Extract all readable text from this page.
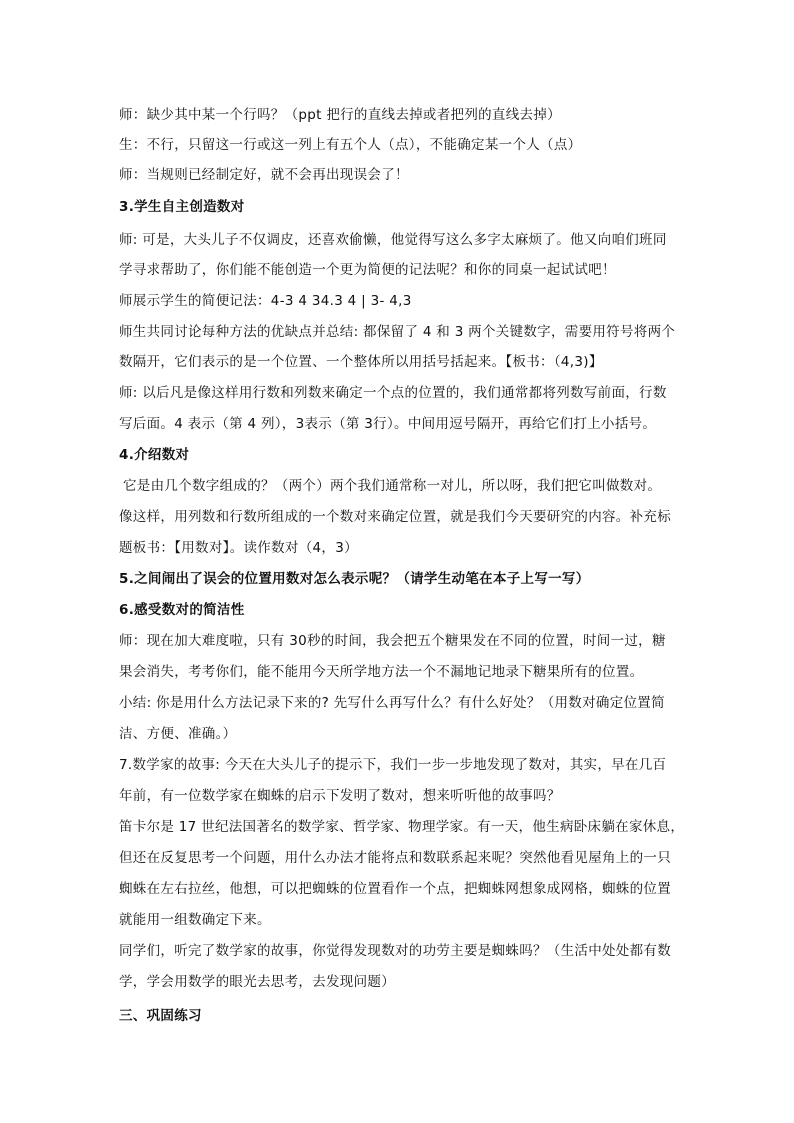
师：缺少其中某一个行吗？（ppt 把行的直线去掉或者把列的直线去掉）
生：不行，只留这一行或这一列上有五个人（点），不能确定某一个人（点）
师：当规则已经制定好，就不会再出现误会了！
3.学生自主创造数对
师: 可是，大头儿子不仅调皮，还喜欢偷懒，他觉得写这么多字太麻烦了。他又向咱们班同
学寻求帮助了，你们能不能创造一个更为简便的记法呢？和你的同桌一起试试吧！
师展示学生的简便记法：4-3 4 34.3 4 | 3- 4,3
师生共同讨论每种方法的优缺点并总结: 都保留了 4 和 3 两个关键数字，需要用符号将两个
数隔开，它们表示的是一个位置、一个整体所以用括号括起来。【板书：（4,3)】
师: 以后凡是像这样用行数和列数来确定一个点的位置的，我们通常都将列数写前面，行数
写后面。4 表示（第 4 列），3表示（第 3行）。中间用逗号隔开，再给它们打上小括号。
4.介绍数对
它是由几个数字组成的？（两个）两个我们通常称一对儿，所以呀，我们把它叫做数对。
像这样，用列数和行数所组成的一个数对来确定位置，就是我们今天要研究的内容。补充标
题板书：【用数对】。读作数对（4，3）
5.之间闹出了误会的位置用数对怎么表示呢？（请学生动笔在本子上写一写）
6.感受数对的简洁性
师：现在加大难度啦，只有 30秒的时间，我会把五个糖果发在不同的位置，时间一过，糖
果会消失，考考你们，能不能用今天所学地方法一个不漏地记地录下糖果所有的位置。
小结: 你是用什么方法记录下来的? 先写什么再写什么？有什么好处？（用数对确定位置简
洁、方便、准确。）
7.数学家的故事: 今天在大头儿子的提示下，我们一步一步地发现了数对，其实，早在几百
年前，有一位数学家在蜘蛛的启示下发明了数对，想来听听他的故事吗？
笛卡尔是 17 世纪法国著名的数学家、哲学家、物理学家。有一天，他生病卧床躺在家休息，
但还在反复思考一个问题，用什么办法才能将点和数联系起来呢？突然他看见屋角上的一只
蜘蛛在左右拉丝，他想，可以把蜘蛛的位置看作一个点，把蜘蛛网想象成网格，蜘蛛的位置
就能用一组数确定下来。
同学们，听完了数学家的故事，你觉得发现数对的功劳主要是蜘蛛吗？（生活中处处都有数
学，学会用数学的眼光去思考，去发现问题）
三、巩固练习
